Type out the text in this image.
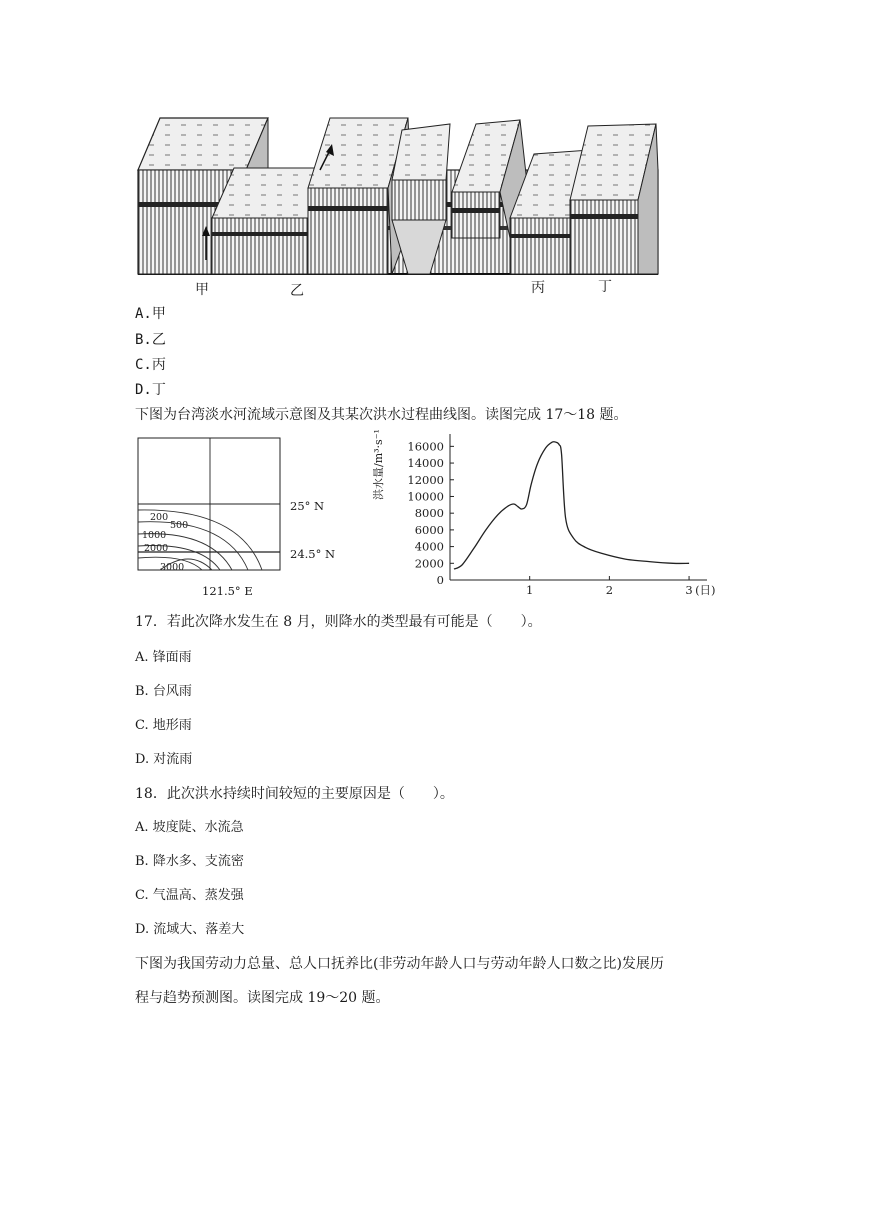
甲	乙	丙	丁
A.甲
B.乙
C.丙
D.丁
下图为台湾淡水河流域示意图及其某次洪水过程曲线图。读图完成 17～18 题。
200
500
1000
2000
3000
25° N
24.5° N
121.5° E
洪水量/m³·s⁻¹ 16000
14000
12000
10000
8000
6000
4000
2000
0
1	2	3 (日)
17．若此次降水发生在 8 月，则降水的类型最有可能是（　　）。
A. 锋面雨
B. 台风雨
C. 地形雨
D. 对流雨
18．此次洪水持续时间较短的主要原因是（　　）。
A. 坡度陡、水流急
B. 降水多、支流密
C. 气温高、蒸发强
D. 流域大、落差大
下图为我国劳动力总量、总人口抚养比(非劳动年龄人口与劳动年龄人口数之比)发展历
程与趋势预测图。读图完成 19～20 题。
